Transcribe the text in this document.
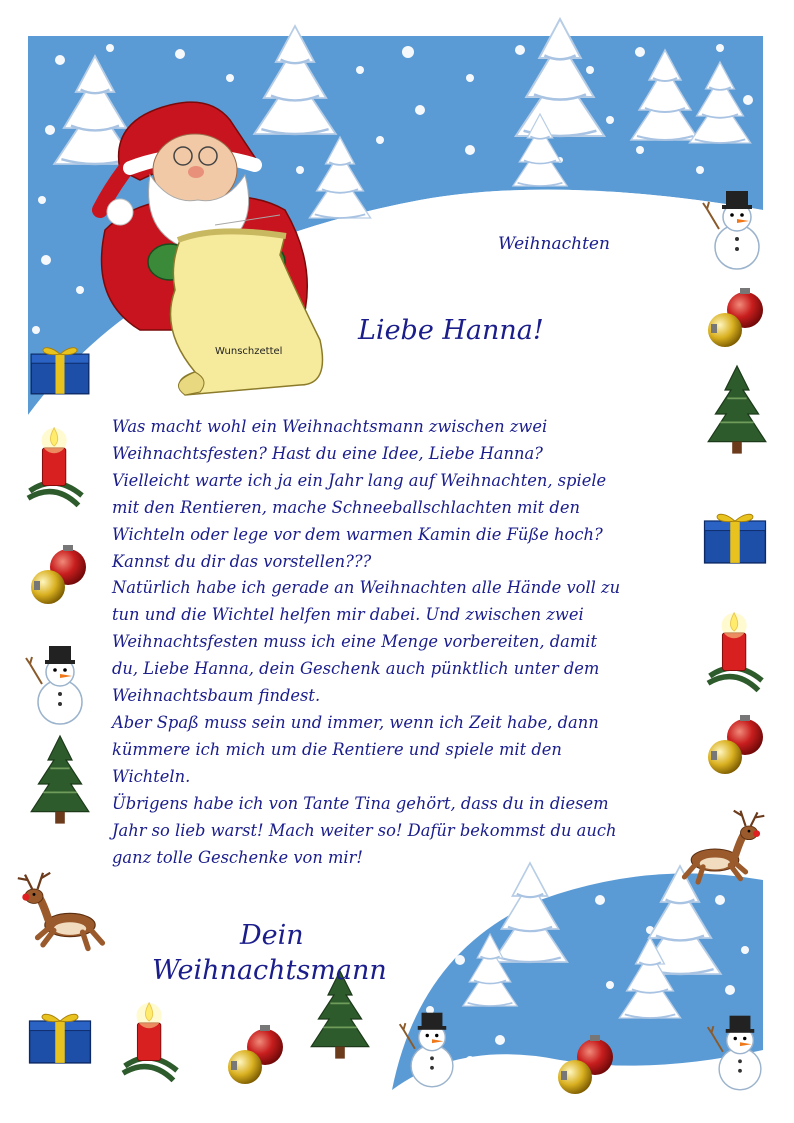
Weihnachten
Liebe Hanna!
Wunschzettel

Was macht wohl ein Weihnachtsmann zwischen zwei

Weihnachtsfesten? Hast du eine Idee, Liebe Hanna?

Vielleicht warte ich ja ein Jahr lang auf Weihnachten, spiele

mit den Rentieren, mache Schneeballschlachten mit den

Wichteln oder lege vor dem warmen Kamin die Füße hoch?

Kannst du dir das vorstellen???

Natürlich habe ich gerade an Weihnachten alle Hände voll zu

tun und die Wichtel helfen mir dabei. Und zwischen zwei

Weihnachtsfesten muss ich eine Menge vorbereiten, damit

du, Liebe Hanna, dein Geschenk auch pünktlich unter dem

Weihnachtsbaum findest.

Aber Spaß muss sein und immer, wenn ich Zeit habe, dann

kümmere ich mich um die Rentiere und spiele mit den

Wichteln.

Übrigens habe ich von Tante Tina gehört, dass du in diesem

Jahr so lieb warst! Mach weiter so! Dafür bekommst du auch

ganz tolle Geschenke von mir!

Dein
Weihnachtsmann
